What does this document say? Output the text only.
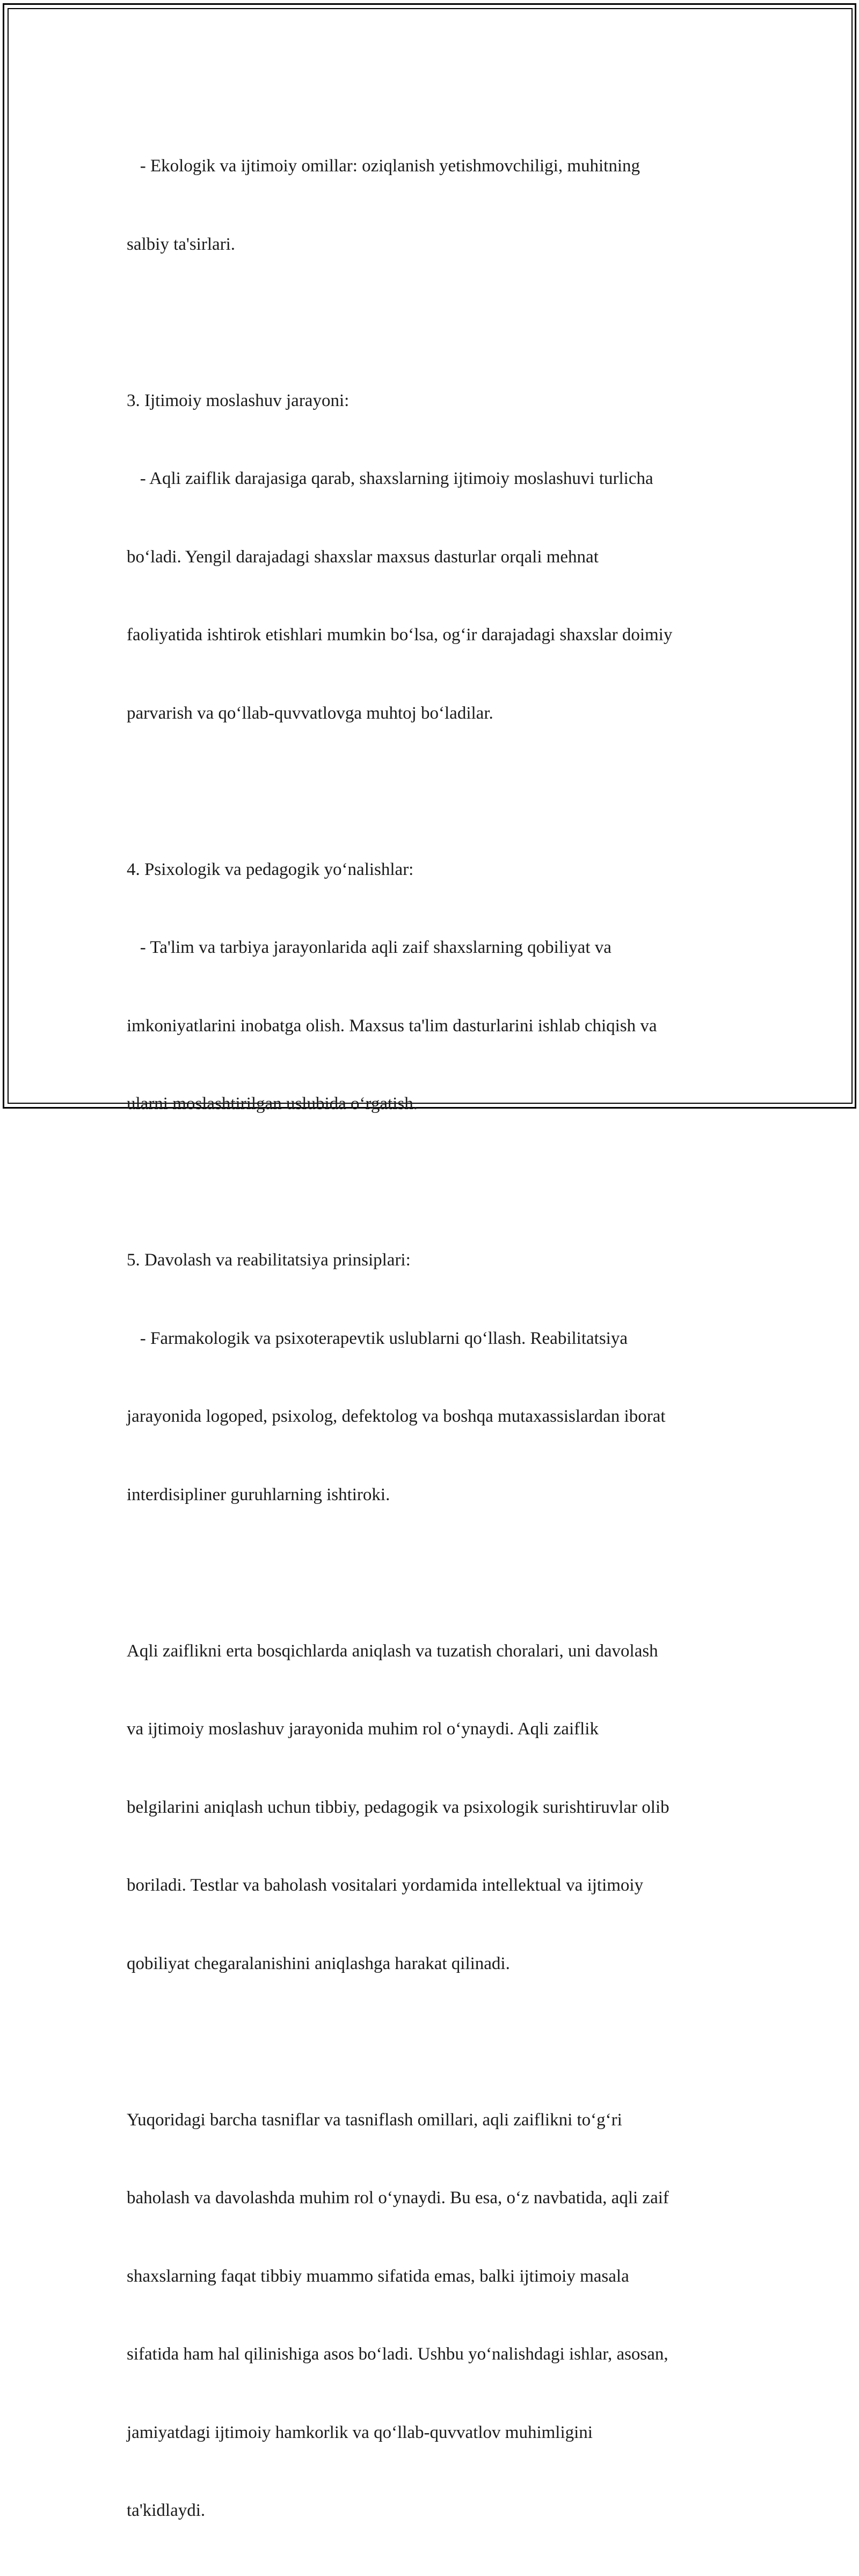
- Ekologik va ijtimoiy omillar: oziqlanish yetishmovchiligi, muhitning

salbiy ta'sirlari.

3. Ijtimoiy moslashuv jarayoni:

- Aqli zaiflik darajasiga qarab, shaxslarning ijtimoiy moslashuvi turlicha

bo‘ladi. Yengil darajadagi shaxslar maxsus dasturlar orqali mehnat

faoliyatida ishtirok etishlari mumkin bo‘lsa, og‘ir darajadagi shaxslar doimiy

parvarish va qo‘llab-quvvatlovga muhtoj bo‘ladilar.

4. Psixologik va pedagogik yo‘nalishlar:

- Ta'lim va tarbiya jarayonlarida aqli zaif shaxslarning qobiliyat va

imkoniyatlarini inobatga olish. Maxsus ta'lim dasturlarini ishlab chiqish va

ularni moslashtirilgan uslubida o‘rgatish.

5. Davolash va reabilitatsiya prinsiplari:

- Farmakologik va psixoterapevtik uslublarni qo‘llash. Reabilitatsiya

jarayonida logoped, psixolog, defektolog va boshqa mutaxassislardan iborat

interdisipliner guruhlarning ishtiroki.

Aqli zaiflikni erta bosqichlarda aniqlash va tuzatish choralari, uni davolash

va ijtimoiy moslashuv jarayonida muhim rol o‘ynaydi. Aqli zaiflik

belgilarini aniqlash uchun tibbiy, pedagogik va psixologik surishtiruvlar olib

boriladi. Testlar va baholash vositalari yordamida intellektual va ijtimoiy

qobiliyat chegaralanishini aniqlashga harakat qilinadi.

Yuqoridagi barcha tasniflar va tasniflash omillari, aqli zaiflikni to‘g‘ri

baholash va davolashda muhim rol o‘ynaydi. Bu esa, o‘z navbatida, aqli zaif

shaxslarning faqat tibbiy muammo sifatida emas, balki ijtimoiy masala

sifatida ham hal qilinishiga asos bo‘ladi. Ushbu yo‘nalishdagi ishlar, asosan,

jamiyatdagi ijtimoiy hamkorlik va qo‘llab-quvvatlov muhimligini

ta'kidlaydi.
